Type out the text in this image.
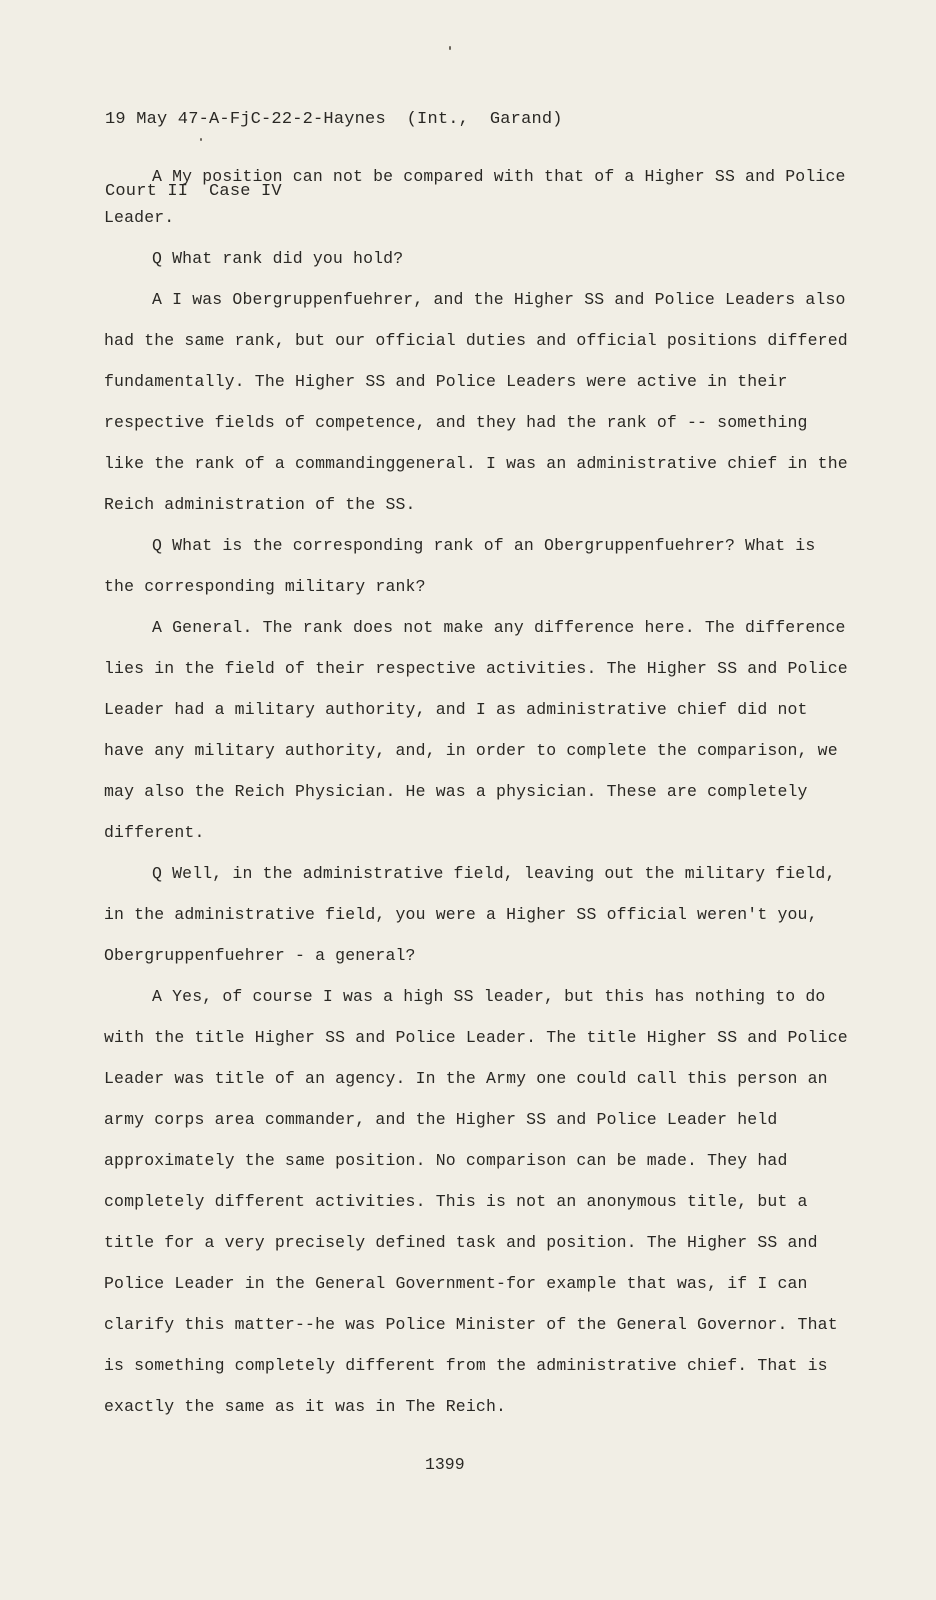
19 May 47-A-FjC-22-2-Haynes  (Int.,  Garand)

Court II  Case IV

A My position can not be compared with that of a Higher SS and Police Leader.

Q What rank did you hold?

A I was Obergruppenfuehrer, and the Higher SS and Police Leaders also had the same rank, but our official duties and official positions differed fundamentally. The Higher SS and Police Leaders were active in their respective fields of competence, and they had the rank of -- something like the rank of a commandinggeneral. I was an administrative chief in the Reich administration of the SS.

Q What is the corresponding rank of an Obergruppenfuehrer? What is the corresponding military rank?

A General. The rank does not make any difference here. The difference lies in the field of their respective activities. The Higher SS and Police Leader had a military authority, and I as administrative chief did not have any military authority, and, in order to complete the comparison, we may also the Reich Physician. He was a physician. These are completely different.

Q Well, in the administrative field, leaving out the military field, in the administrative field, you were a Higher SS official weren't you, Obergruppenfuehrer - a general?

A Yes, of course I was a high SS leader, but this has nothing to do with the title Higher SS and Police Leader. The title Higher SS and Police Leader was title of an agency. In the Army one could call this person an army corps area commander, and the Higher SS and Police Leader held approximately the same position. No comparison can be made. They had completely different activities. This is not an anonymous title, but a title for a very precisely defined task and position. The Higher SS and Police Leader in the General Government-for example that was, if I can clarify this matter--he was Police Minister of the General Governor. That is something completely different from the administrative chief. That is exactly the same as it was in The Reich.

1399
